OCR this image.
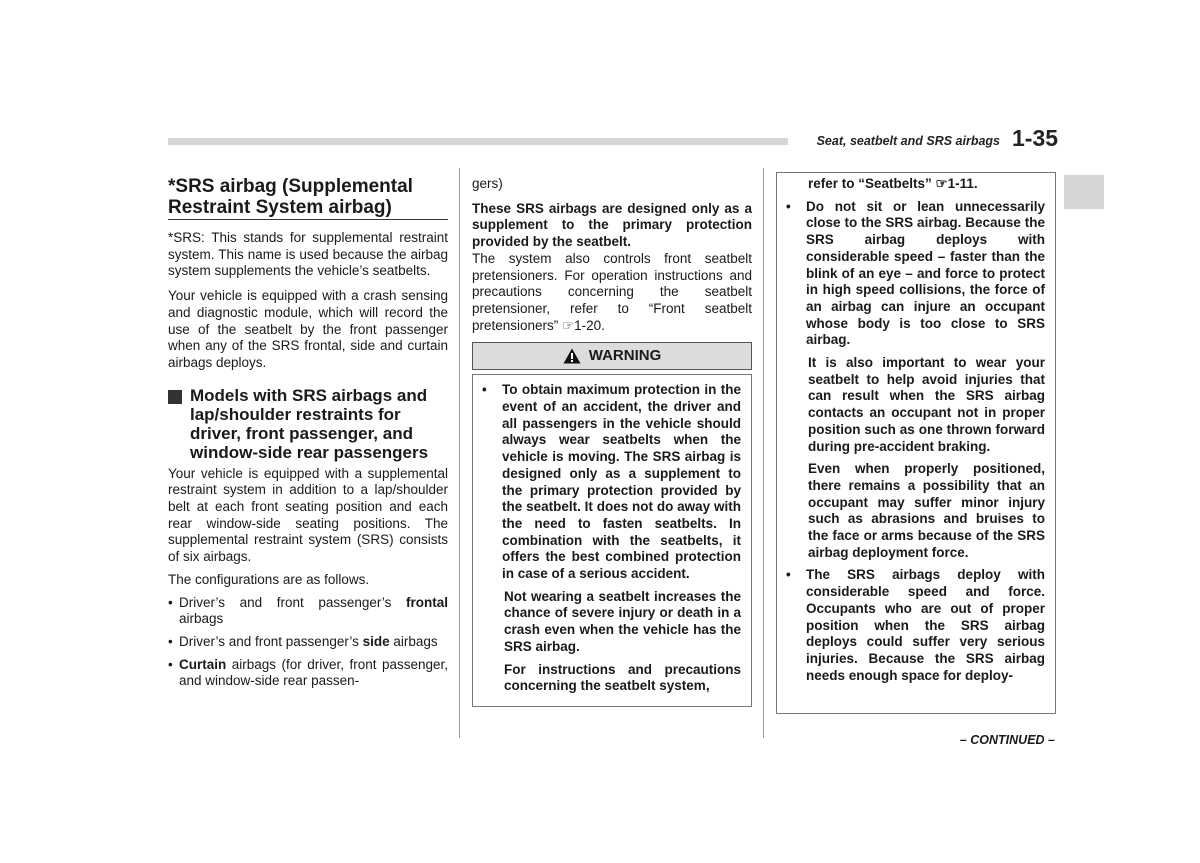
Seat, seatbelt and SRS airbags 1-35
*SRS airbag (Supplemental Restraint System airbag)

*SRS: This stands for supplemental restraint system. This name is used because the airbag system supplements the vehicle’s seatbelts.

Your vehicle is equipped with a crash sensing and diagnostic module, which will record the use of the seatbelt by the front passenger when any of the SRS frontal, side and curtain airbags deploys.

Models with SRS airbags and lap/shoulder restraints for driver, front passenger, and window-side rear passengers

Your vehicle is equipped with a supplemental restraint system in addition to a lap/shoulder belt at each front seating position and each rear window-side seating positions. The supplemental restraint system (SRS) consists of six airbags.

The configurations are as follows.

• Driver’s and front passenger’s frontal airbags
• Driver’s and front passenger’s side airbags
• Curtain airbags (for driver, front passenger, and window-side rear passen-

gers)

These SRS airbags are designed only as a supplement to the primary protection provided by the seatbelt.

The system also controls front seatbelt pretensioners. For operation instructions and precautions concerning the seatbelt pretensioner, refer to “Front seatbelt pretensioners” ☞1-20.

WARNING
•	To obtain maximum protection in the event of an accident, the driver and all passengers in the vehicle should always wear seatbelts when the vehicle is moving. The SRS airbag is designed only as a supplement to the primary protection provided by the seatbelt. It does not do away with the need to fasten seatbelts. In combination with the seatbelts, it offers the best combined protection in case of a serious accident.

Not wearing a seatbelt increases the chance of severe injury or death in a crash even when the vehicle has the SRS airbag.

For instructions and precautions concerning the seatbelt system,

refer to “Seatbelts” ☞1-11.

•	Do not sit or lean unnecessarily close to the SRS airbag. Because the SRS airbag deploys with considerable speed – faster than the blink of an eye – and force to protect in high speed collisions, the force of an airbag can injure an occupant whose body is too close to SRS airbag.

It is also important to wear your seatbelt to help avoid injuries that can result when the SRS airbag contacts an occupant not in proper position such as one thrown forward during pre-accident braking.

Even when properly positioned, there remains a possibility that an occupant may suffer minor injury such as abrasions and bruises to the face or arms because of the SRS airbag deployment force.

•	The SRS airbags deploy with considerable speed and force. Occupants who are out of proper position when the SRS airbag deploys could suffer very serious injuries. Because the SRS airbag needs enough space for deploy-
– CONTINUED –
